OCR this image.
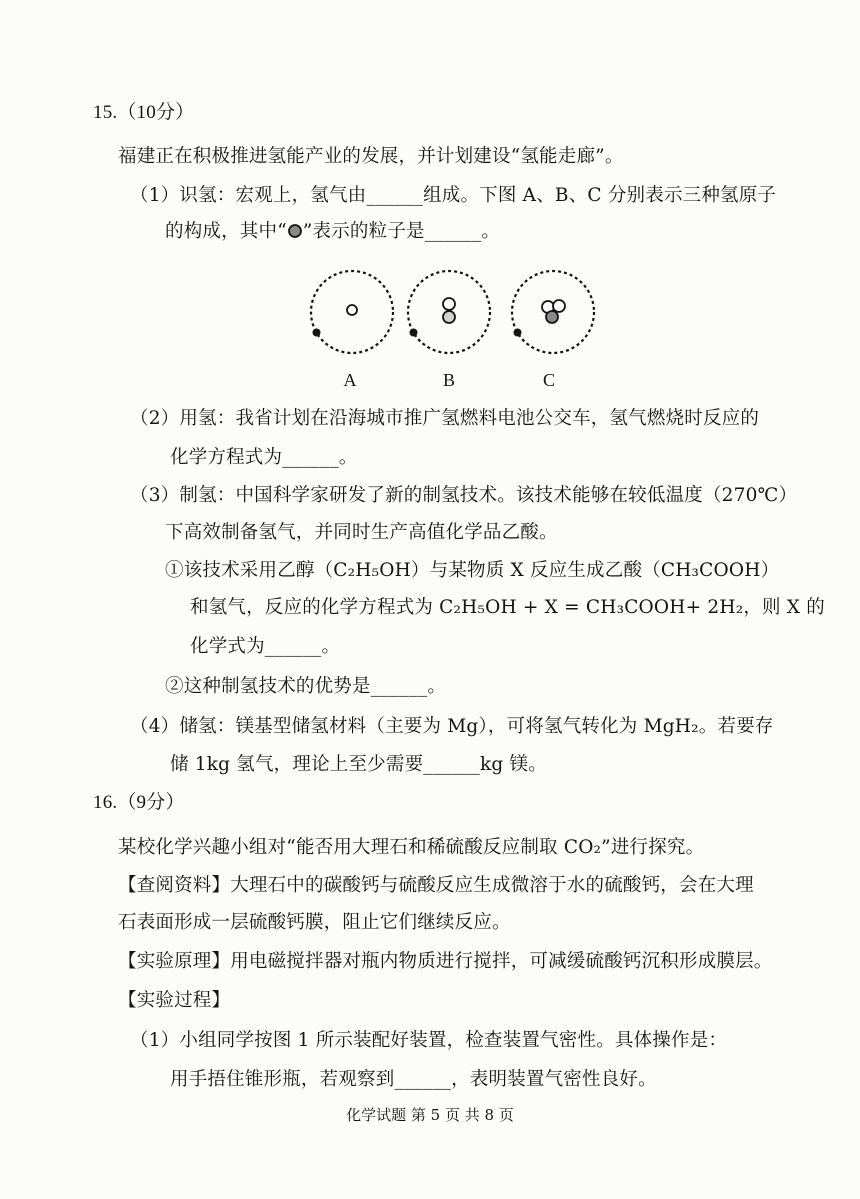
15.（10分）
福建正在积极推进氢能产业的发展，并计划建设“氢能走廊”。
（1）识氢：宏观上，氢气由______组成。下图 A、B、C 分别表示三种氢原子
的构成，其中“ ”表示的粒子是______。
A	B	C
（2）用氢：我省计划在沿海城市推广氢燃料电池公交车，氢气燃烧时反应的
化学方程式为______。
（3）制氢：中国科学家研发了新的制氢技术。该技术能够在较低温度（270℃）
下高效制备氢气，并同时生产高值化学品乙酸。
①该技术采用乙醇（C₂H₅OH）与某物质 X 反应生成乙酸（CH₃COOH）
和氢气，反应的化学方程式为 C₂H₅OH + X = CH₃COOH+ 2H₂，则 X 的
化学式为______。
②这种制氢技术的优势是______。
（4）储氢：镁基型储氢材料（主要为 Mg），可将氢气转化为 MgH₂。若要存
储 1kg 氢气，理论上至少需要______kg 镁。
16.（9分）
某校化学兴趣小组对“能否用大理石和稀硫酸反应制取 CO₂”进行探究。
【查阅资料】大理石中的碳酸钙与硫酸反应生成微溶于水的硫酸钙，会在大理
石表面形成一层硫酸钙膜，阻止它们继续反应。
【实验原理】用电磁搅拌器对瓶内物质进行搅拌，可减缓硫酸钙沉积形成膜层。
【实验过程】
（1）小组同学按图 1 所示装配好装置，检查装置气密性。具体操作是：
用手捂住锥形瓶，若观察到______，表明装置气密性良好。
化学试题 第 5 页 共 8 页
